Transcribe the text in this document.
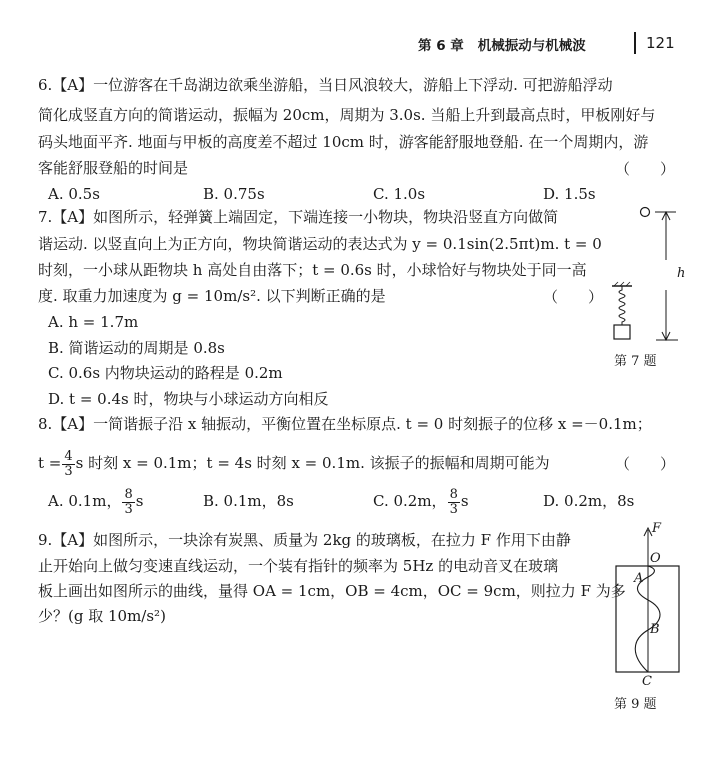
第 6 章 机械振动与机械波	121
6.【A】一位游客在千岛湖边欲乘坐游船，当日风浪较大，游船上下浮动. 可把游船浮动
简化成竖直方向的简谐运动，振幅为 20cm，周期为 3.0s. 当船上升到最高点时，甲板刚好与
码头地面平齐. 地面与甲板的高度差不超过 10cm 时，游客能舒服地登船. 在一个周期内，游
客能舒服登船的时间是	（　　）
A. 0.5s	B. 0.75s	C. 1.0s	D. 1.5s
7.【A】如图所示，轻弹簧上端固定，下端连接一小物块，物块沿竖直方向做简
谐运动. 以竖直向上为正方向，物块简谐运动的表达式为 y = 0.1sin(2.5πt)m. t = 0
时刻，一小球从距物块 h 高处自由落下；t = 0.6s 时，小球恰好与物块处于同一高
度. 取重力加速度为 g = 10m/s². 以下判断正确的是	（　　）
A. h = 1.7m
B. 简谐运动的周期是 0.8s
C. 0.6s 内物块运动的路程是 0.2m
D. t = 0.4s 时，物块与小球运动方向相反
h
第 7 题
8.【A】一简谐振子沿 x 轴振动，平衡位置在坐标原点. t = 0 时刻振子的位移 x =－0.1m；
$t = \frac{4}{3}$ s 时刻 x = 0.1m；t = 4s 时刻 x = 0.1m. 该振子的振幅和周期可能为	（　　）
A. 0.1m， $\frac{8}{3}$ s	B. 0.1m，8s	C. 0.2m， $\frac{8}{3}$ s	D. 0.2m，8s
9.【A】如图所示，一块涂有炭黑、质量为 2kg 的玻璃板，在拉力 F 作用下由静
止开始向上做匀变速直线运动，一个装有指针的频率为 5Hz 的电动音叉在玻璃
板上画出如图所示的曲线，量得 OA = 1cm，OB = 4cm，OC = 9cm，则拉力 F 为多
少？(g 取 10m/s²)
F
O
A
B
C
第 9 题
